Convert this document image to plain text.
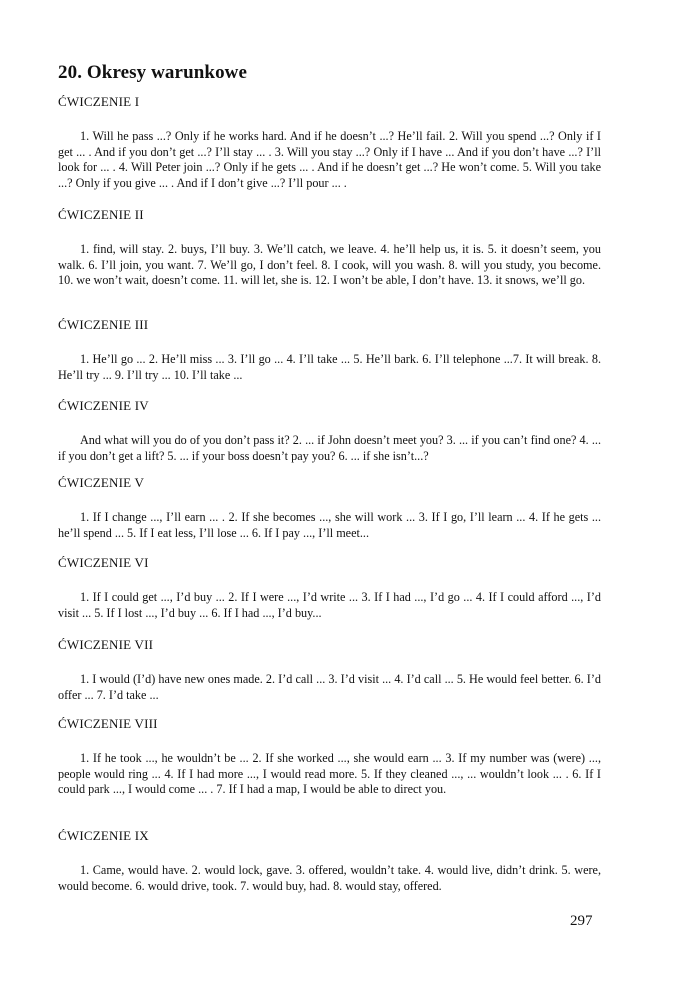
20. Okresy warunkowe

ĆWICZENIE I

1. Will he pass ...? Only if he works hard. And if he doesn’t ...? He’ll fail. 2. Will you spend ...? Only if I get ... . And if you don’t get ...? I’ll stay ... . 3. Will you stay ...? Only if I have ... And if you don’t have ...? I’ll look for ... . 4. Will Peter join ...? Only if he gets ... . And if he doesn’t get ...? He won’t come. 5. Will you take ...? Only if you give ... . And if I don’t give ...? I’ll pour ... .

ĆWICZENIE II

1. find, will stay. 2. buys, I’ll buy. 3. We’ll catch, we leave. 4. he’ll help us, it is. 5. it doesn’t seem, you walk. 6. I’ll join, you want. 7. We’ll go, I don’t feel. 8. I cook, will you wash. 8. will you study, you become. 10. we won’t wait, doesn’t come. 11. will let, she is. 12. I won’t be able, I don’t have. 13. it snows, we’ll go.

ĆWICZENIE III

1. He’ll go ... 2. He’ll miss ... 3. I’ll go ... 4. I’ll take ... 5. He’ll bark. 6. I’ll telephone ...7. It will break. 8. He’ll try ... 9. I’ll try ... 10. I’ll take ...

ĆWICZENIE IV

And what will you do of you don’t pass it? 2. ... if John doesn’t meet you? 3. ... if you can’t find one? 4. ... if you don’t get a lift? 5. ... if your boss doesn’t pay you? 6. ... if she isn’t...?

ĆWICZENIE V

1. If I change ..., I’ll earn ... . 2. If she becomes ..., she will work ... 3. If I go, I’ll learn ... 4. If he gets ... he’ll spend ... 5. If I eat less, I’ll lose ... 6. If I pay ..., I’ll meet...

ĆWICZENIE VI

1. If I could get ..., I’d buy ... 2. If I were ..., I’d write ... 3. If I had ..., I’d go ... 4. If I could afford ..., I’d visit ... 5. If I lost ..., I’d buy ... 6. If I had ..., I’d buy...

ĆWICZENIE VII

1. I would (I’d) have new ones made. 2. I’d call ... 3. I’d visit ... 4. I’d call ... 5. He would feel better. 6. I’d offer ... 7. I’d take ...

ĆWICZENIE VIII

1. If he took ..., he wouldn’t be ... 2. If she worked ..., she would earn ... 3. If my number was (were) ..., people would ring ... 4. If I had more ..., I would read more. 5. If they cleaned ..., ... wouldn’t look ... . 6. If I could park ..., I would come ... . 7. If I had a map, I would be able to direct you.

ĆWICZENIE IX

1. Came, would have. 2. would lock, gave. 3. offered, wouldn’t take. 4. would live, didn’t drink. 5. were, would become. 6. would drive, took. 7. would buy, had. 8. would stay, offered.

297
